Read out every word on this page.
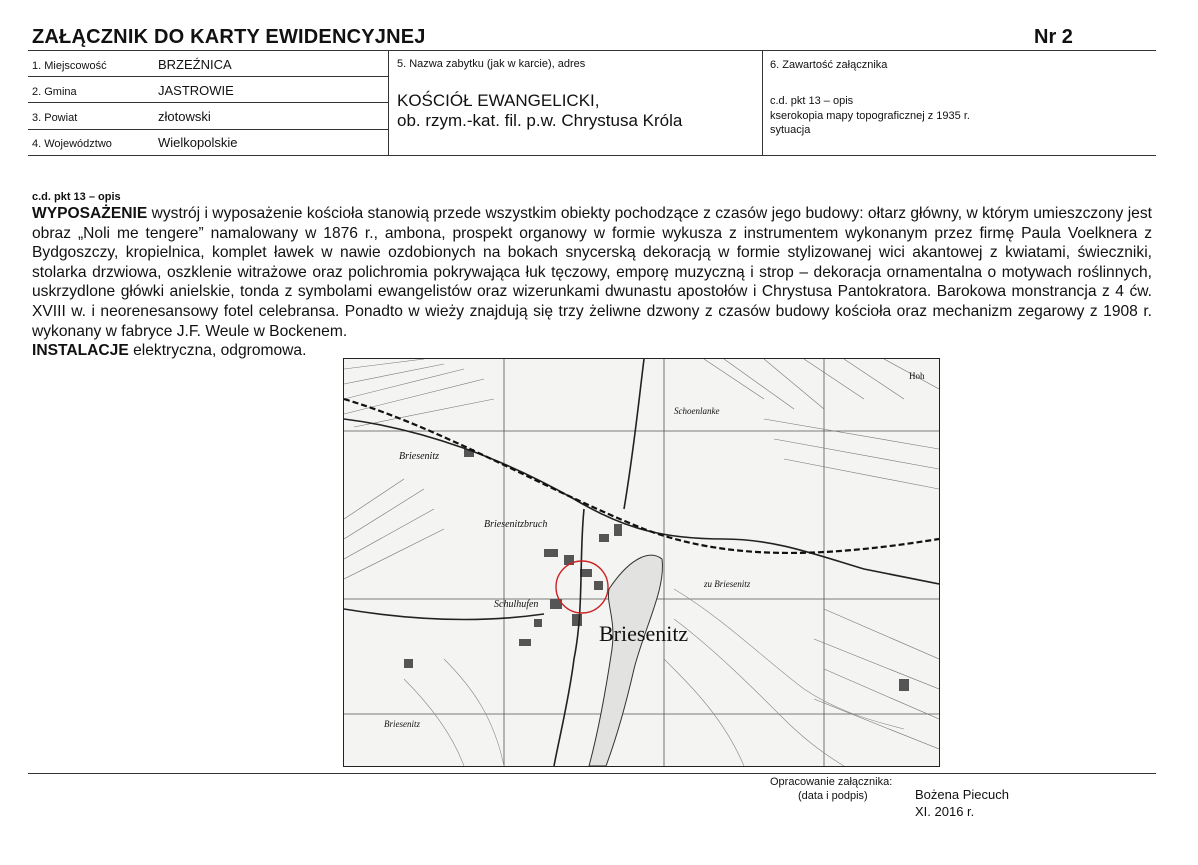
ZAŁĄCZNIK DO KARTY EWIDENCYJNEJ	Nr 2
1. Miejscowość	BRZEŹNICA
2. Gmina	JASTROWIE
3. Powiat	złotowski
4. Województwo	Wielkopolskie
5. Nazwa zabytku (jak w karcie), adres
KOŚCIÓŁ EWANGELICKI,
ob. rzym.-kat. fil. p.w. Chrystusa Króla
6. Zawartość załącznika
c.d. pkt 13 – opis
kserokopia mapy topograficznej z 1935 r.
sytuacja
c.d. pkt 13 – opis
WYPOSAŻENIE wystrój i wyposażenie kościoła stanowią przede wszystkim obiekty pochodzące z czasów jego budowy: ołtarz główny, w którym umieszczony jest obraz „Noli me tengere” namalowany w 1876 r., ambona, prospekt organowy w formie wykusza z instrumentem wykonanym przez firmę Paula Voelknera z Bydgoszczy, kropielnica, komplet ławek w nawie ozdobionych na bokach snycerską dekoracją w formie stylizowanej wici akantowej z kwiatami, świeczniki, stolarka drzwiowa, oszklenie witrażowe oraz polichromia pokrywająca łuk tęczowy, emporę muzyczną i strop – dekoracja ornamentalna o motywach roślinnych, uskrzydlone główki anielskie, tonda z symbolami ewangelistów oraz wizerunkami dwunastu apostołów i Chrystusa Pantokratora. Barokowa monstrancja z 4 ćw. XVIII w. i neorenesansowy fotel celebransa. Ponadto w wieży znajdują się trzy żeliwne dzwony z czasów budowy kościoła oraz mechanizm zegarowy z 1908 r. wykonany w fabryce J.F. Weule w Bockenem.
INSTALACJE elektryczna, odgromowa.
Briesenitz
Briesenitz
Briesenitzbruch
Schulhufen
Briesenitz
zu Briesenitz
Schoenlanke
Hoh
Opracowanie załącznika:
(data i podpis)	Bożena Piecuch
XI. 2016 r.
